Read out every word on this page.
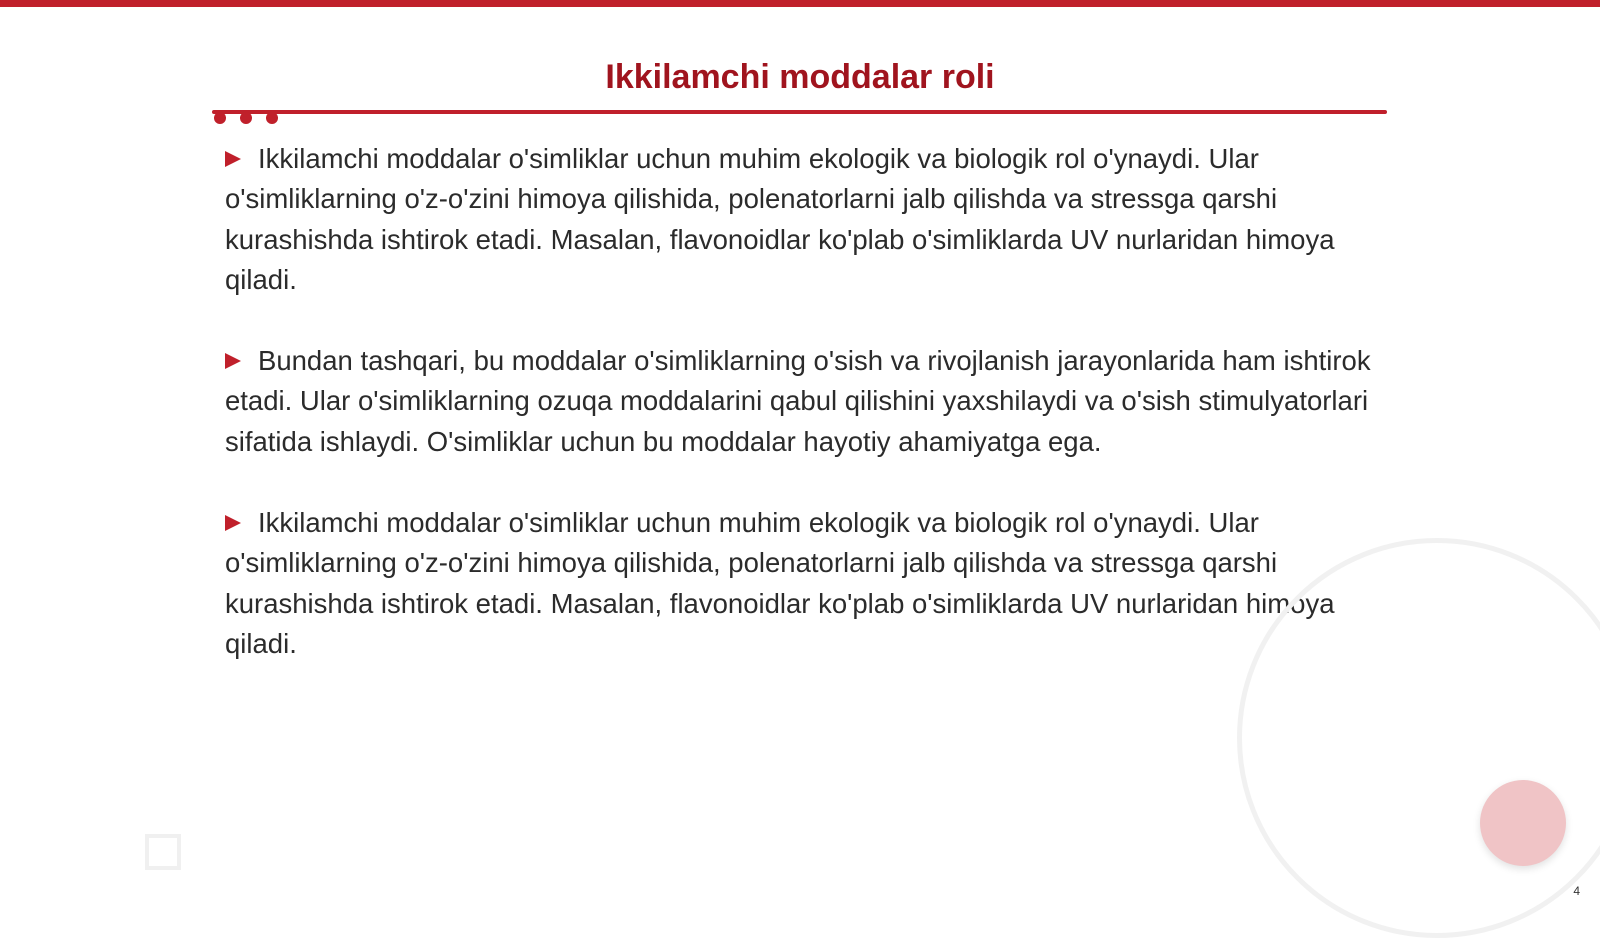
Ikkilamchi moddalar roli
Ikkilamchi moddalar o'simliklar uchun muhim ekologik va biologik rol o'ynaydi. Ular o'simliklarning o'z-o'zini himoya qilishida, polenatorlarni jalb qilishda va stressga qarshi kurashishda ishtirok etadi. Masalan, flavonoidlar ko'plab o'simliklarda UV nurlaridan himoya qiladi.
Bundan tashqari, bu moddalar o'simliklarning o'sish va rivojlanish jarayonlarida ham ishtirok etadi. Ular o'simliklarning ozuqa moddalarini qabul qilishini yaxshilaydi va o'sish stimulyatorlari sifatida ishlaydi. O'simliklar uchun bu moddalar hayotiy ahamiyatga ega.
Ikkilamchi moddalar o'simliklar uchun muhim ekologik va biologik rol o'ynaydi. Ular o'simliklarning o'z-o'zini himoya qilishida, polenatorlarni jalb qilishda va stressga qarshi kurashishda ishtirok etadi. Masalan, flavonoidlar ko'plab o'simliklarda UV nurlaridan himoya qiladi.
4
